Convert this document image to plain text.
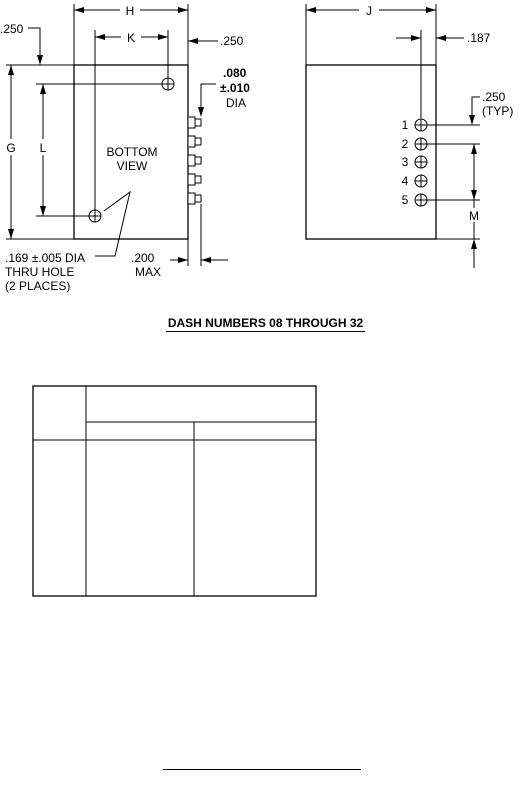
H
K
.250
.250
G L	BOTTOM
VIEW
.080
±.010
DIA
.169 ±.005 DIA
THRU HOLE
(2 PLACES)
.200
MAX
J
.187
1
2
3
4
5
.250
(TYP)
M
DASH NUMBERS 08 THROUGH 32
